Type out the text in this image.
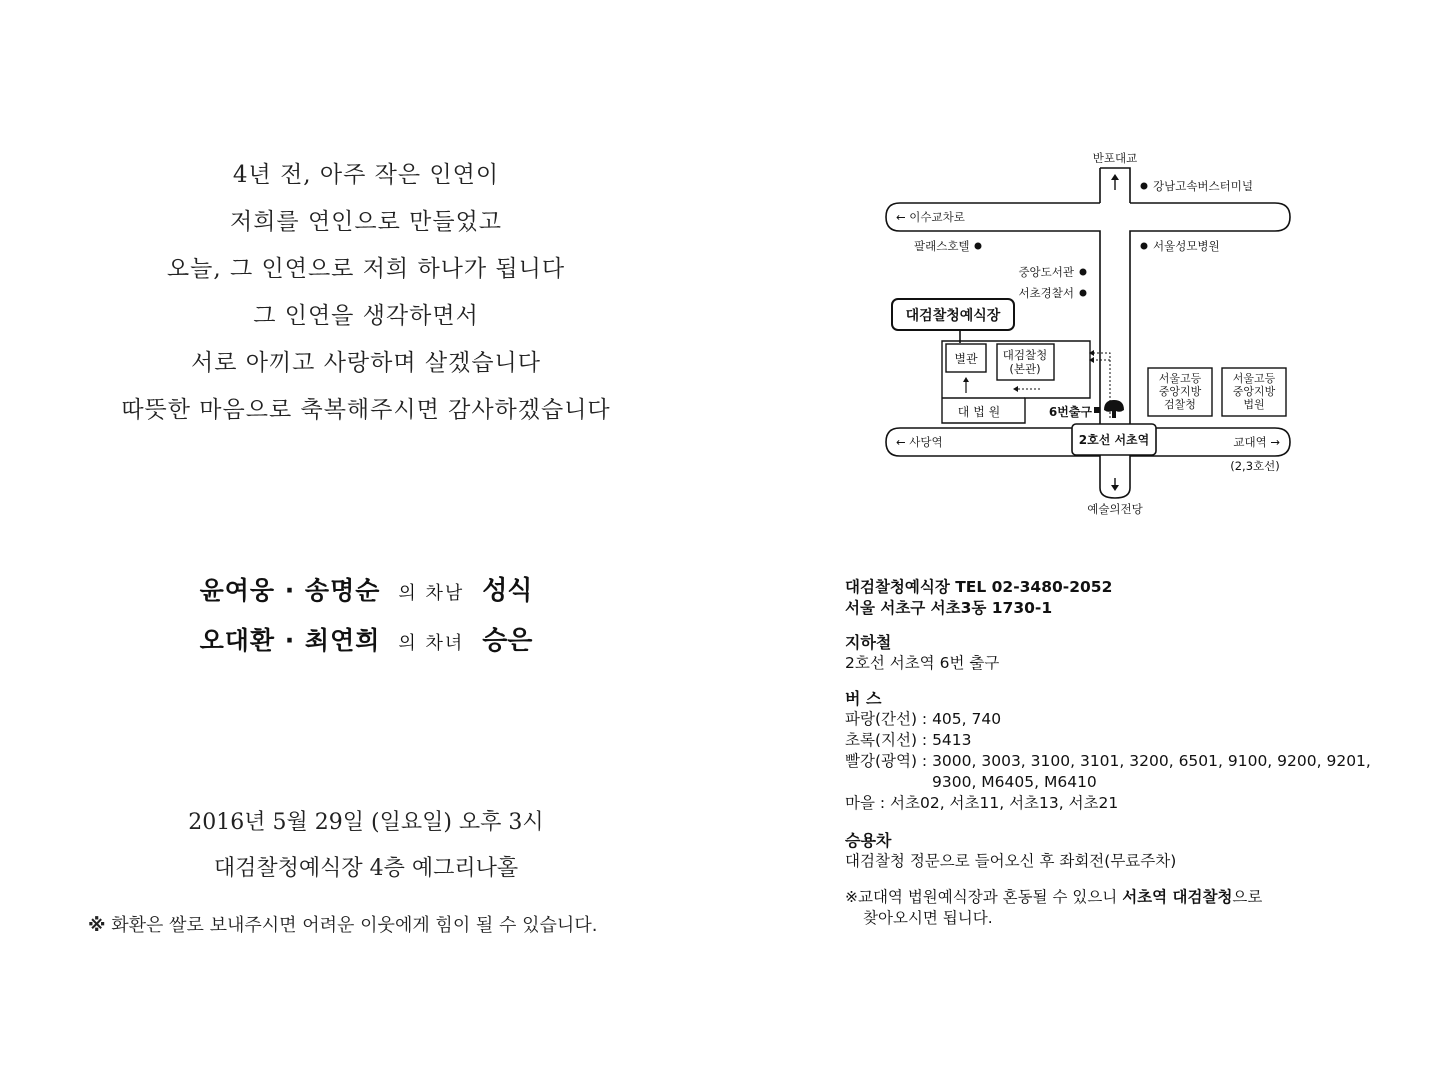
4년 전, 아주 작은 인연이
저희를 연인으로 만들었고
오늘, 그 인연으로 저희 하나가 됩니다
그 인연을 생각하면서
서로 아끼고 사랑하며 살겠습니다
따뜻한 마음으로 축복해주시면 감사하겠습니다
윤여웅 · 송명순 의 차남 성식
오대환 · 최연희 의 차녀 승은
2016년 5월 29일 (일요일) 오후 3시
대검찰청예식장 4층 예그리나홀
※ 화환은 쌀로 보내주시면 어려운 이웃에게 힘이 될 수 있습니다.
반포대교
예술의전당
← 이수교차로
← 사당역	교대역 →
(2,3호선)
강남고속버스터미널
팔래스호텔	서울성모병원
중앙도서관
서초경찰서
대검찰청예식장
별관 대검찰청
(본관)
대 법 원	6번출구
2호선 서초역
서울고등
중앙지방
검찰청
서울고등
중앙지방
법원
대검찰청예식장 TEL 02-3480-2052
서울 서초구 서초3동 1730-1
지하철
2호선 서초역 6번 출구
버 스
파랑(간선) : 405, 740
초록(지선) : 5413
빨강(광역) : 3000, 3003, 3100, 3101, 3200, 6501, 9100, 9200, 9201,
9300, M6405, M6410
마을 : 서초02, 서초11, 서초13, 서초21
승용차
대검찰청 정문으로 들어오신 후 좌회전(무료주차)
※교대역 법원예식장과 혼동될 수 있으니 서초역 대검찰청으로
찾아오시면 됩니다.
